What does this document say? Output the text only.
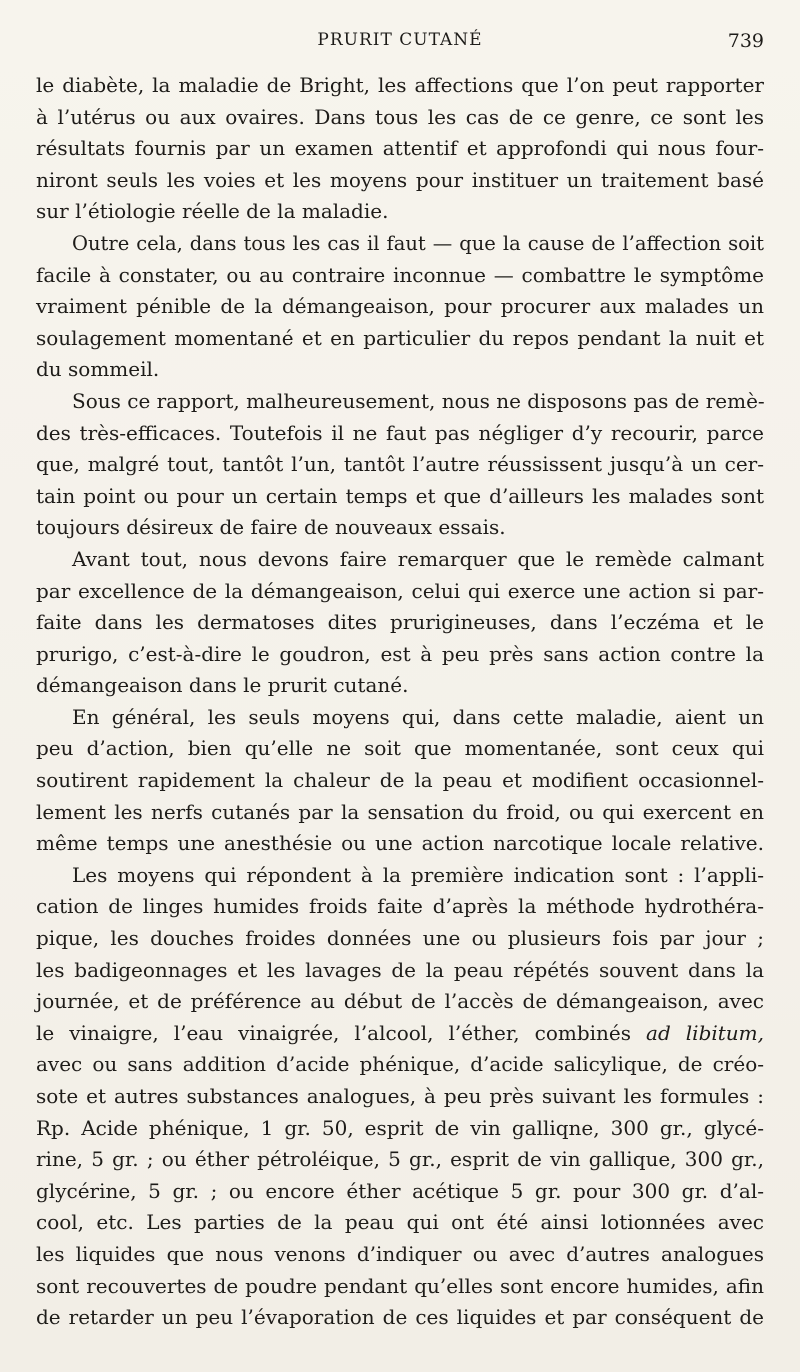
PRURIT CUTANÉ	739
le diabète, la maladie de Bright, les affections que l’on peut rapporter
à l’utérus ou aux ovaires. Dans tous les cas de ce genre, ce sont les
résultats fournis par un examen attentif et approfondi qui nous four-
niront seuls les voies et les moyens pour instituer un traitement basé
sur l’étiologie réelle de la maladie.
Outre cela, dans tous les cas il faut — que la cause de l’affection soit
facile à constater, ou au contraire inconnue — combattre le symptôme
vraiment pénible de la démangeaison, pour procurer aux malades un
soulagement momentané et en particulier du repos pendant la nuit et
du sommeil.
Sous ce rapport, malheureusement, nous ne disposons pas de remè-
des très-efficaces. Toutefois il ne faut pas négliger d’y recourir, parce
que, malgré tout, tantôt l’un, tantôt l’autre réussissent jusqu’à un cer-
tain point ou pour un certain temps et que d’ailleurs les malades sont
toujours désireux de faire de nouveaux essais.
Avant tout, nous devons faire remarquer que le remède calmant
par excellence de la démangeaison, celui qui exerce une action si par-
faite dans les dermatoses dites prurigineuses, dans l’eczéma et le
prurigo, c’est-à-dire le goudron, est à peu près sans action contre la
démangeaison dans le prurit cutané.
En général, les seuls moyens qui, dans cette maladie, aient un
peu d’action, bien qu’elle ne soit que momentanée, sont ceux qui
soutirent rapidement la chaleur de la peau et modifient occasionnel-
lement les nerfs cutanés par la sensation du froid, ou qui exercent en
même temps une anesthésie ou une action narcotique locale relative.
Les moyens qui répondent à la première indication sont : l’appli-
cation de linges humides froids faite d’après la méthode hydrothéra-
pique, les douches froides données une ou plusieurs fois par jour ;
les badigeonnages et les lavages de la peau répétés souvent dans la
journée, et de préférence au début de l’accès de démangeaison, avec
le vinaigre, l’eau vinaigrée, l’alcool, l’éther, combinés ad libitum,
avec ou sans addition d’acide phénique, d’acide salicylique, de créo-
sote et autres substances analogues, à peu près suivant les formules :
Rp. Acide phénique, 1 gr. 50, esprit de vin galliqne, 300 gr., glycé-
rine, 5 gr. ; ou éther pétroléique, 5 gr., esprit de vin gallique, 300 gr.,
glycérine, 5 gr. ; ou encore éther acétique 5 gr. pour 300 gr. d’al-
cool, etc. Les parties de la peau qui ont été ainsi lotionnées avec
les liquides que nous venons d’indiquer ou avec d’autres analogues
sont recouvertes de poudre pendant qu’elles sont encore humides, afin
de retarder un peu l’évaporation de ces liquides et par conséquent de
